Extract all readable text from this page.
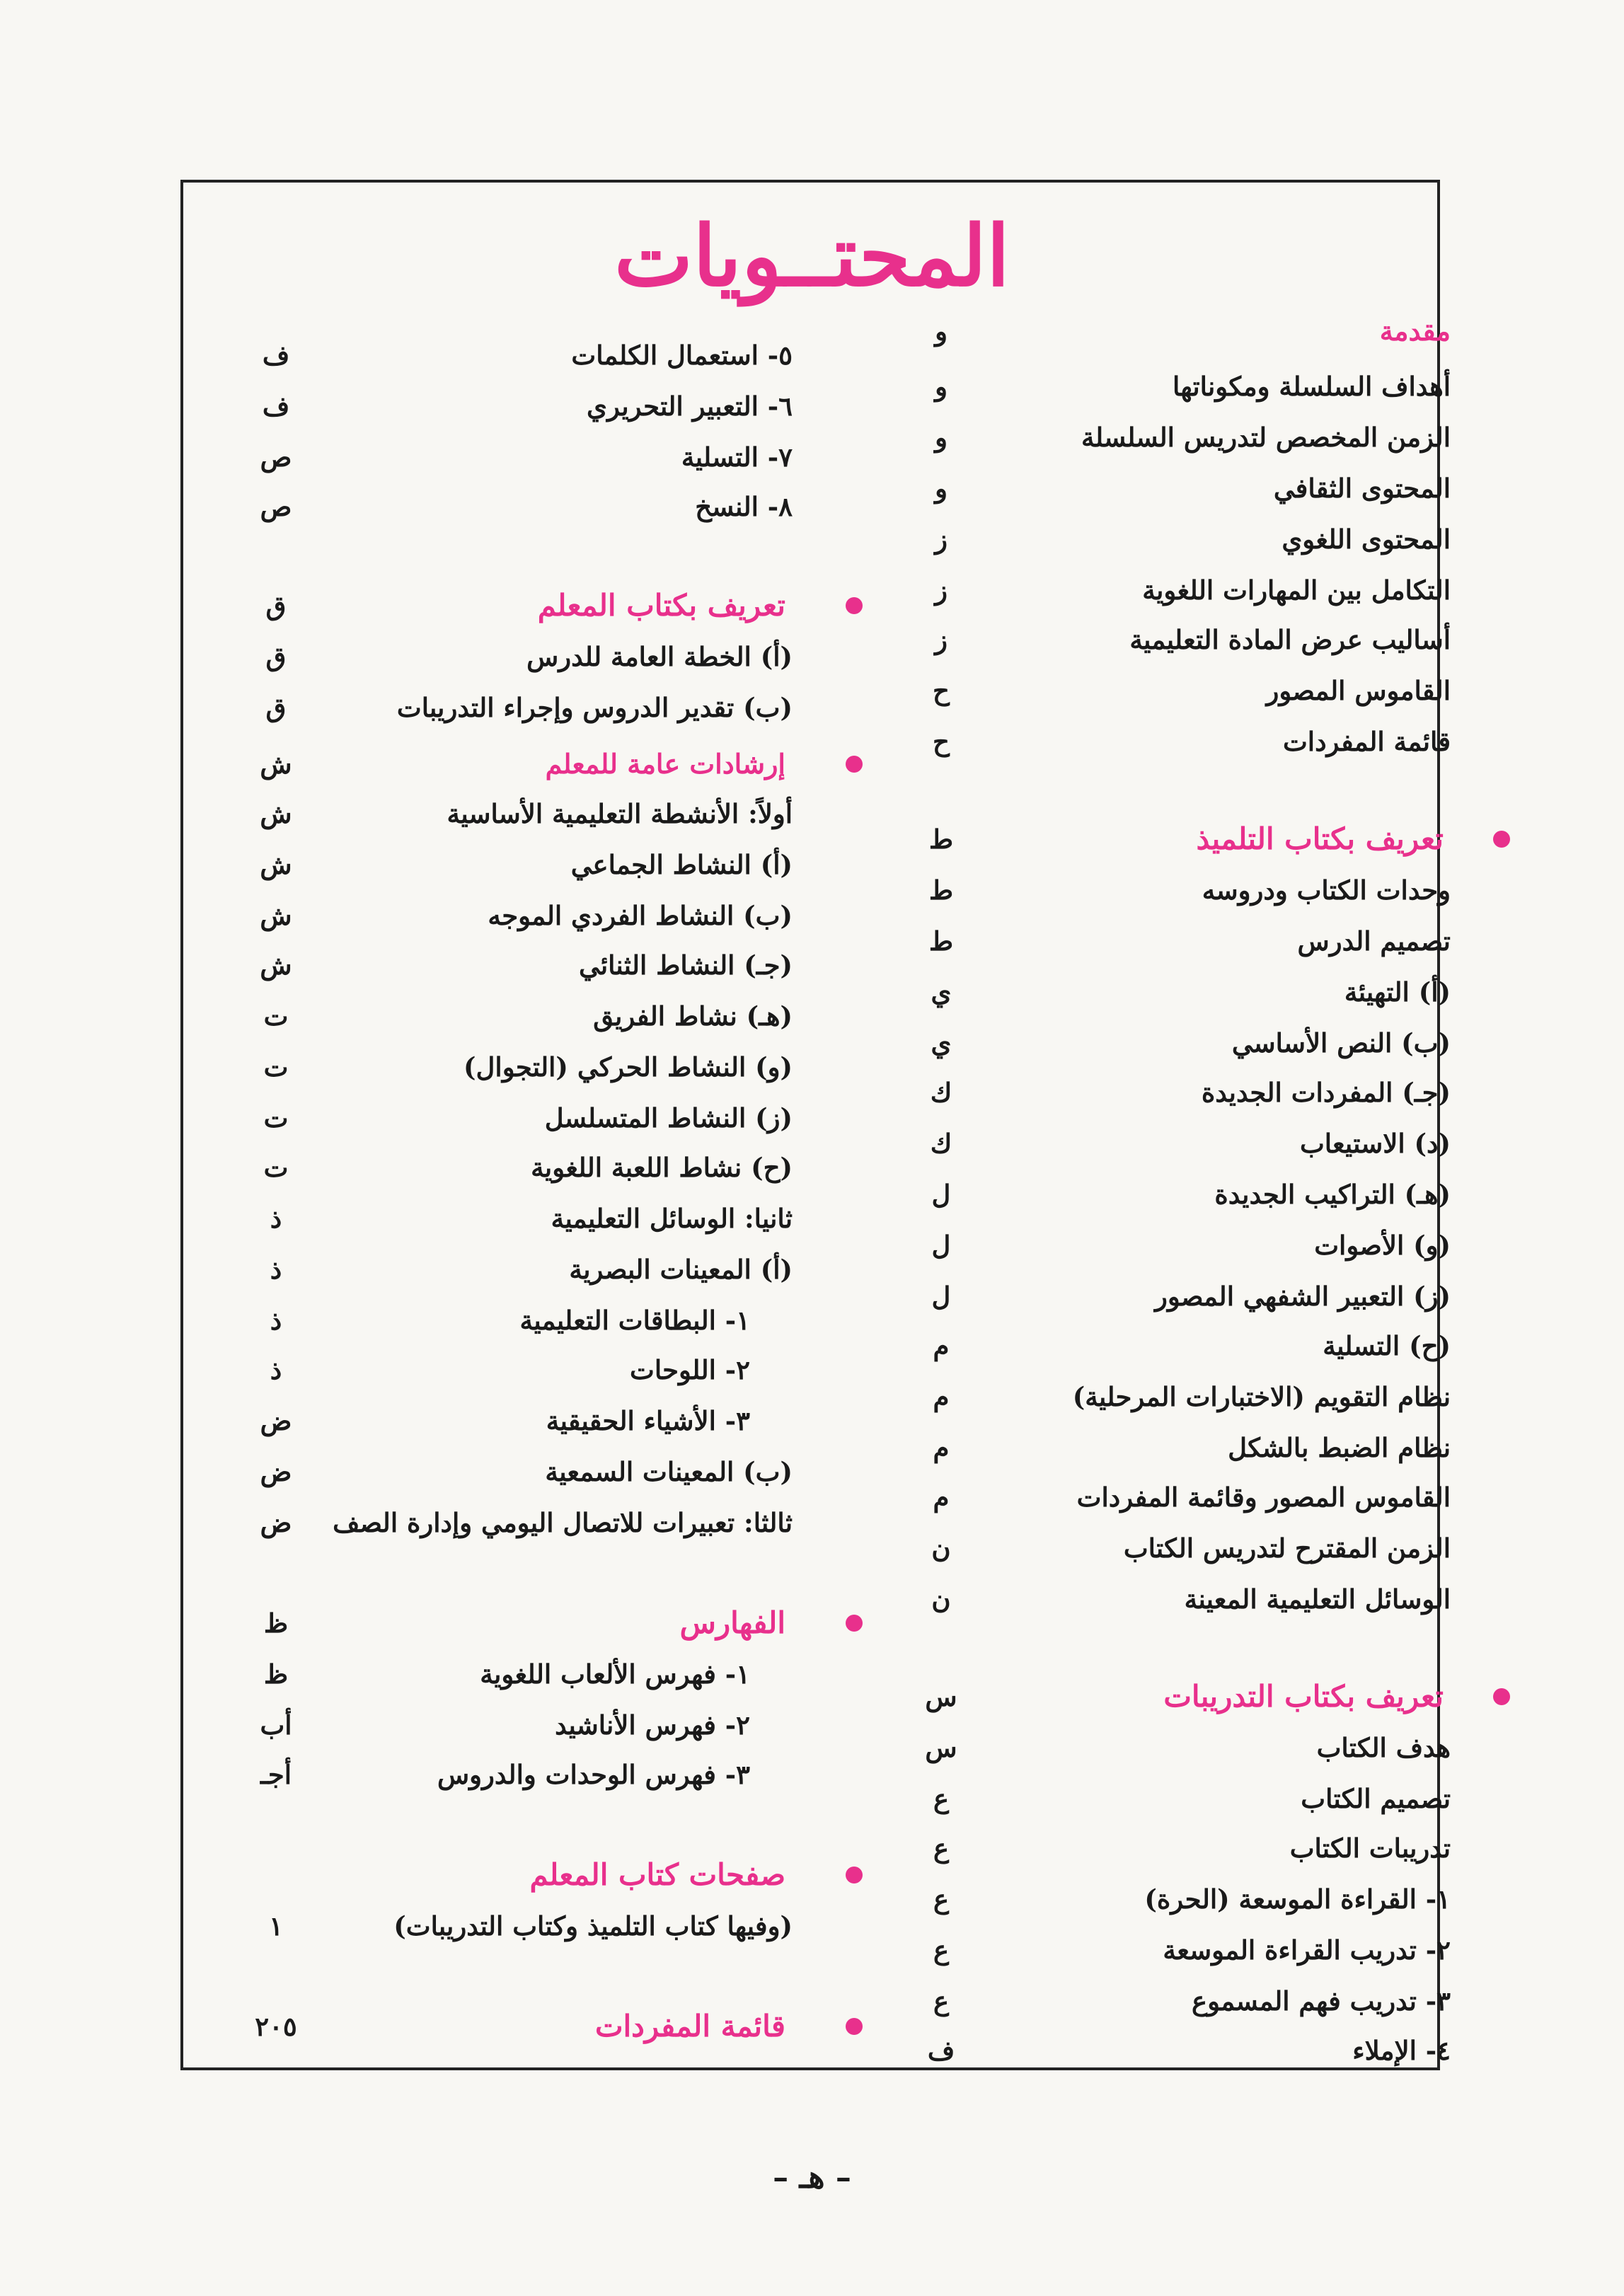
المحتــويات
مقدمة
و
أهداف السلسلة ومكوناتها
و
الزمن المخصص لتدريس السلسلة
و
المحتوى الثقافي
و
المحتوى اللغوي
ز
التكامل بين المهارات اللغوية
ز
أساليب عرض المادة التعليمية
ز
القاموس المصور
ح
قائمة المفردات
ح
تعريف بكتاب التلميذ
ط
وحدات الكتاب ودروسه
ط
تصميم الدرس
ط
(أ) التهيئة
ي
(ب) النص الأساسي
ي
(جـ) المفردات الجديدة
ك
(د) الاستيعاب
ك
(هـ) التراكيب الجديدة
ل
(و) الأصوات
ل
(ز) التعبير الشفهي المصور
ل
(ح) التسلية
م
نظام التقويم (الاختبارات المرحلية)
م
نظام الضبط بالشكل
م
القاموس المصور وقائمة المفردات
م
الزمن المقترح لتدريس الكتاب
ن
الوسائل التعليمية المعينة
ن
تعريف بكتاب التدريبات
س
هدف الكتاب
س
تصميم الكتاب
ع
تدريبات الكتاب
ع
١- القراءة الموسعة (الحرة)
ع
٢- تدريب القراءة الموسعة
ع
٣- تدريب فهم المسموع
ع
٤- الإملاء
ف
٥- استعمال الكلمات
ف
٦- التعبير التحريري
ف
٧- التسلية
ص
٨- النسخ
ص
تعريف بكتاب المعلم
ق
(أ) الخطة العامة للدرس
ق
(ب) تقدير الدروس وإجراء التدريبات
ق
إرشادات عامة للمعلم
ش
أولاً: الأنشطة التعليمية الأساسية
ش
(أ) النشاط الجماعي
ش
(ب) النشاط الفردي الموجه
ش
(جـ) النشاط الثنائي
ش
(هـ) نشاط الفريق
ت
(و) النشاط الحركي (التجوال)
ت
(ز) النشاط المتسلسل
ت
(ح) نشاط اللعبة اللغوية
ت
ثانيا: الوسائل التعليمية
ذ
(أ) المعينات البصرية
ذ
١- البطاقات التعليمية
ذ
٢- اللوحات
ذ
٣- الأشياء الحقيقية
ض
(ب) المعينات السمعية
ض
ثالثا: تعبيرات للاتصال اليومي وإدارة الصف
ض
الفهارس
ظ
١- فهرس الألعاب اللغوية
ظ
٢- فهرس الأناشيد
أب
٣- فهرس الوحدات والدروس
أجـ
صفحات كتاب المعلم
(وفيها كتاب التلميذ وكتاب التدريبات)
١
قائمة المفردات
٢٠٥
– هـ –
